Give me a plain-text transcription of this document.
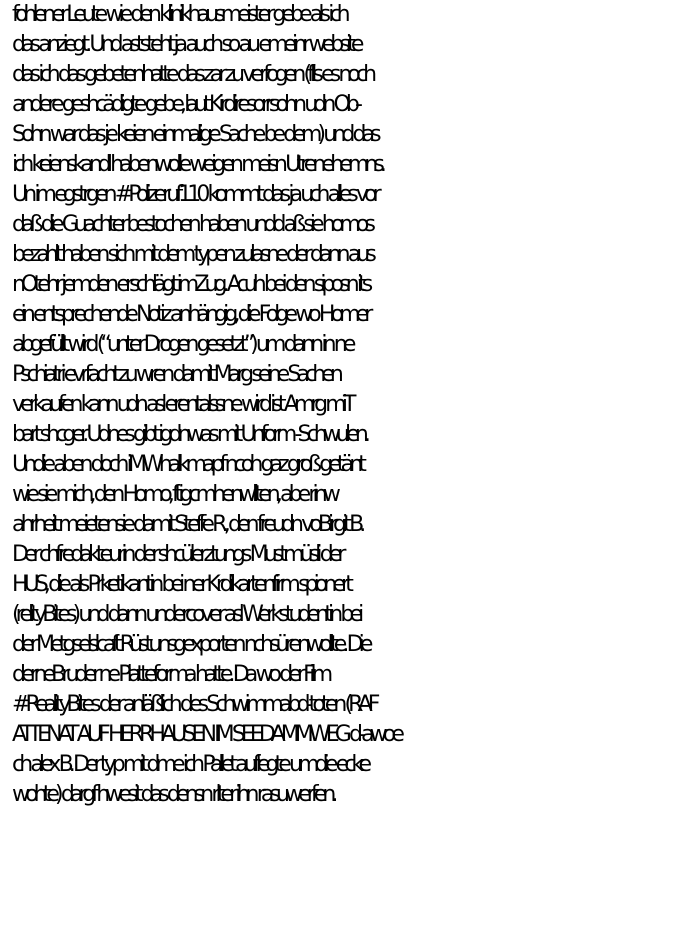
fohlener Leute wie den klinikhausmeister gebe als ich
das anziegt. Und aststeht ja auch so au emeinr website
das ich das gebetenhatte das zar zu verfogen (flls es noch
andere geshcädigte gebe, laut Kirdiresorrsohn udn Ob-
Sohn war das je keien einmalige Sache be dem) und das
ich keienskandl habenwolle weigen meisn Utrenehemns.
Un im egstrgen #Polizeruf110 kommt das ja uch alles vor
daß die Guachter bestochen haben undd aß sie homos
bezahlt haben sich mit dem typen zulasne der dann aus
nOtehr jemden erschlägt imZug. Acuh bei den siposn its
ein entsprechende Notiz anhängig, die Folge wo Homer
abgefüllt wird (“unter Drogen gesetzt”) um dann in ne
Pschiatri evrfacht zu wren damit Marg seine Sachen
verkaufen kann udn asl erentalssne wird ist Amrg miT
bart shcger. Udnes gibt igdnwas mit Unform -Schwulen.
Undie aben doch iMWhalkmapf ncoh gaz groß getänt
wie sie mich, den Homo, ftigcmhenwllten, abe rinw
ahrheit meietensie damit Steffe R., den freudn voBirgit B.
Der chfredakteurin der shcülerztungs Mustmüsli der
HUS, die als Prketikantin bei ner Krdikartenfirm spionert
(relityBites) und dann undercover asl Werkstudentin bei
der Metgselslcaft Rüstunsgexporten nchsürenwollte. Die
derneBruder ne Platteforma hatte. Da wo der Film
#RealityBites der anläßlich des Schwimmabd-toten (RAF
ATTENAT AUF HERRHAUSEN IM SEEDAMMWEG d-awoe
ch alex B. Der typ mit dme ich Pallet auflegte umdie ecke
wohte) dargf hwesit das densn rlter ihn rasuwerfen.
